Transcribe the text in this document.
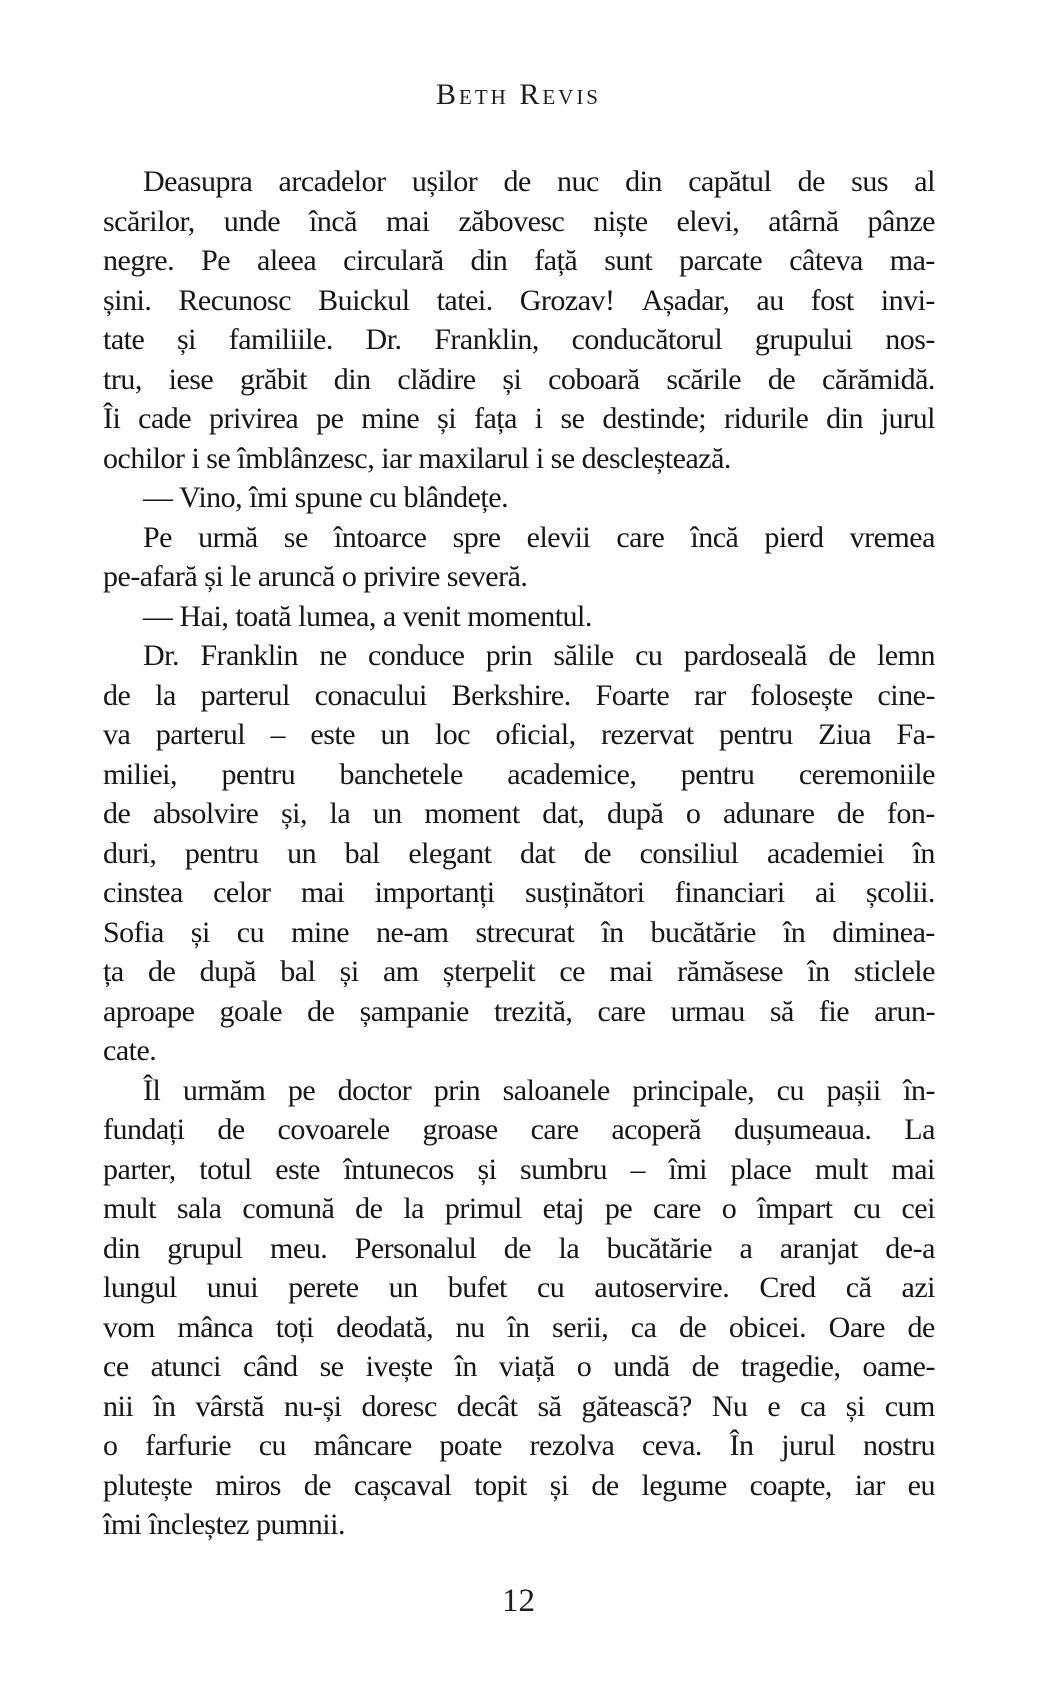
Beth Revis
Deasupra arcadelor ușilor de nuc din capătul de sus al
scărilor, unde încă mai zăbovesc niște elevi, atârnă pânze
negre. Pe aleea circulară din față sunt parcate câteva ma-
șini. Recunosc Buickul tatei. Grozav! Așadar, au fost invi-
tate și familiile. Dr. Franklin, conducătorul grupului nos-
tru, iese grăbit din clădire și coboară scările de cărămidă.
Îi cade privirea pe mine și fața i se destinde; ridurile din jurul
ochilor i se îmblânzesc, iar maxilarul i se descleștează.
— Vino, îmi spune cu blândețe.
Pe urmă se întoarce spre elevii care încă pierd vremea
pe-afară și le aruncă o privire severă.
— Hai, toată lumea, a venit momentul.
Dr. Franklin ne conduce prin sălile cu pardoseală de lemn
de la parterul conacului Berkshire. Foarte rar folosește cine-
va parterul – este un loc oficial, rezervat pentru Ziua Fa-
miliei, pentru banchetele academice, pentru ceremoniile
de absolvire și, la un moment dat, după o adunare de fon-
duri, pentru un bal elegant dat de consiliul academiei în
cinstea celor mai importanți susținători financiari ai școlii.
Sofia și cu mine ne-am strecurat în bucătărie în diminea-
ța de după bal și am șterpelit ce mai rămăsese în sticlele
aproape goale de șampanie trezită, care urmau să fie arun-
cate.
Îl urmăm pe doctor prin saloanele principale, cu pașii în-
fundați de covoarele groase care acoperă dușumeaua. La
parter, totul este întunecos și sumbru – îmi place mult mai
mult sala comună de la primul etaj pe care o împart cu cei
din grupul meu. Personalul de la bucătărie a aranjat de-a
lungul unui perete un bufet cu autoservire. Cred că azi
vom mânca toți deodată, nu în serii, ca de obicei. Oare de
ce atunci când se ivește în viață o undă de tragedie, oame-
nii în vârstă nu-și doresc decât să gătească? Nu e ca și cum
o farfurie cu mâncare poate rezolva ceva. În jurul nostru
plutește miros de cașcaval topit și de legume coapte, iar eu
îmi încleștez pumnii.
12
